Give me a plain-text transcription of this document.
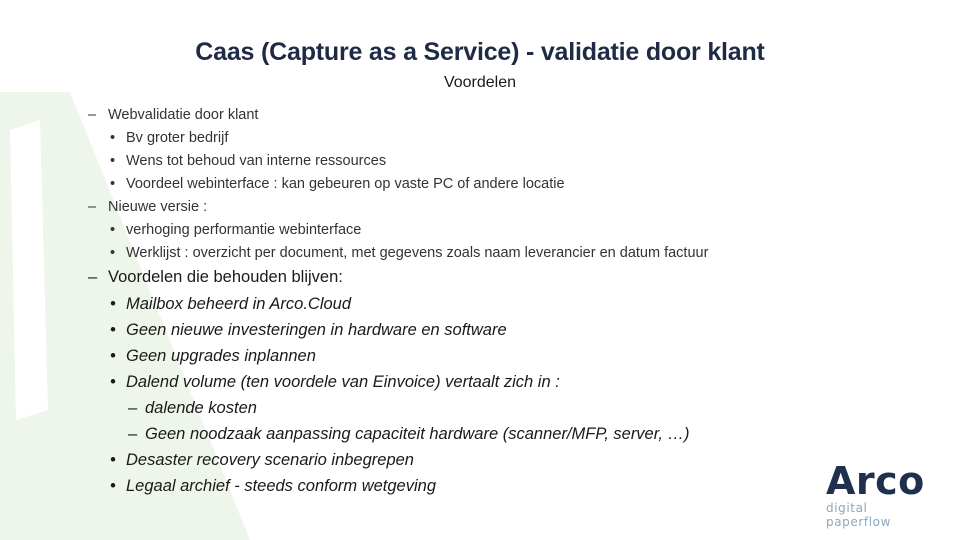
Caas (Capture as a Service) - validatie door klant
Voordelen
– Webvalidatie door klant
• Bv groter bedrijf
• Wens tot behoud van interne ressources
• Voordeel webinterface : kan gebeuren op vaste PC of andere locatie
– Nieuwe versie :
• verhoging performantie webinterface
• Werklijst : overzicht per document, met gegevens zoals naam leverancier en datum factuur
– Voordelen die behouden blijven:
• Mailbox beheerd in Arco.Cloud
• Geen nieuwe investeringen in hardware en software
• Geen upgrades inplannen
• Dalend volume (ten voordele van Einvoice) vertaalt zich in :
– dalende kosten
– Geen noodzaak aanpassing capaciteit hardware (scanner/MFP, server, …)
• Desaster recovery scenario inbegrepen
• Legaal archief - steeds conform wetgeving	Arco
digital paperflow
